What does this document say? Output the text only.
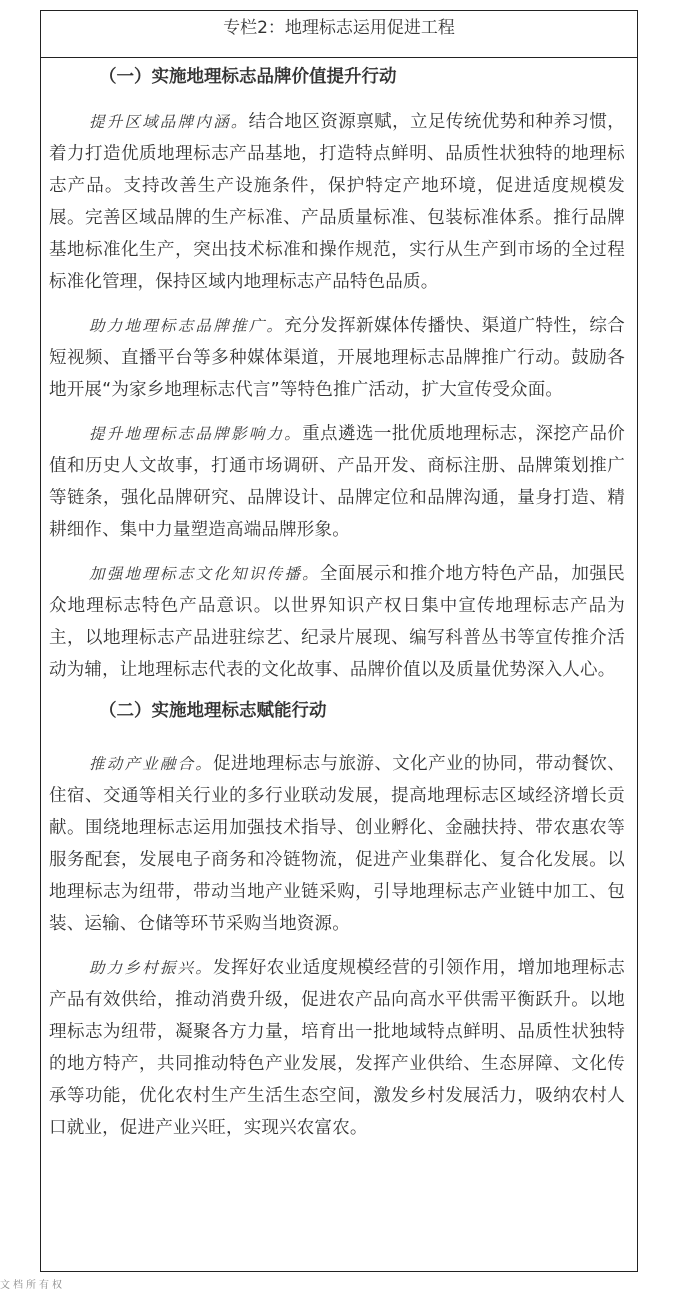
专栏2：地理标志运用促进工程
（一）实施地理标志品牌价值提升行动

提升区域品牌内涵。结合地区资源禀赋，立足传统优势和种养习惯，着力打造优质地理标志产品基地，打造特点鲜明、品质性状独特的地理标志产品。支持改善生产设施条件，保护特定产地环境，促进适度规模发展。完善区域品牌的生产标准、产品质量标准、包装标准体系。推行品牌基地标准化生产，突出技术标准和操作规范，实行从生产到市场的全过程标准化管理，保持区域内地理标志产品特色品质。

助力地理标志品牌推广。充分发挥新媒体传播快、渠道广特性，综合短视频、直播平台等多种媒体渠道，开展地理标志品牌推广行动。鼓励各地开展“为家乡地理标志代言”等特色推广活动，扩大宣传受众面。

提升地理标志品牌影响力。重点遴选一批优质地理标志，深挖产品价值和历史人文故事，打通市场调研、产品开发、商标注册、品牌策划推广等链条，强化品牌研究、品牌设计、品牌定位和品牌沟通，量身打造、精耕细作、集中力量塑造高端品牌形象。

加强地理标志文化知识传播。全面展示和推介地方特色产品，加强民众地理标志特色产品意识。以世界知识产权日集中宣传地理标志产品为主，以地理标志产品进驻综艺、纪录片展现、编写科普丛书等宣传推介活动为辅，让地理标志代表的文化故事、品牌价值以及质量优势深入人心。

（二）实施地理标志赋能行动

推动产业融合。促进地理标志与旅游、文化产业的协同，带动餐饮、住宿、交通等相关行业的多行业联动发展，提高地理标志区域经济增长贡献。围绕地理标志运用加强技术指导、创业孵化、金融扶持、带农惠农等服务配套，发展电子商务和冷链物流，促进产业集群化、复合化发展。以地理标志为纽带，带动当地产业链采购，引导地理标志产业链中加工、包装、运输、仓储等环节采购当地资源。

助力乡村振兴。发挥好农业适度规模经营的引领作用，增加地理标志产品有效供给，推动消费升级，促进农产品向高水平供需平衡跃升。以地理标志为纽带，凝聚各方力量，培育出一批地域特点鲜明、品质性状独特的地方特产，共同推动特色产业发展，发挥产业供给、生态屏障、文化传承等功能，优化农村生产生活生态空间，激发乡村发展活力，吸纳农村人口就业，促进产业兴旺，实现兴农富农。

文档所有权
